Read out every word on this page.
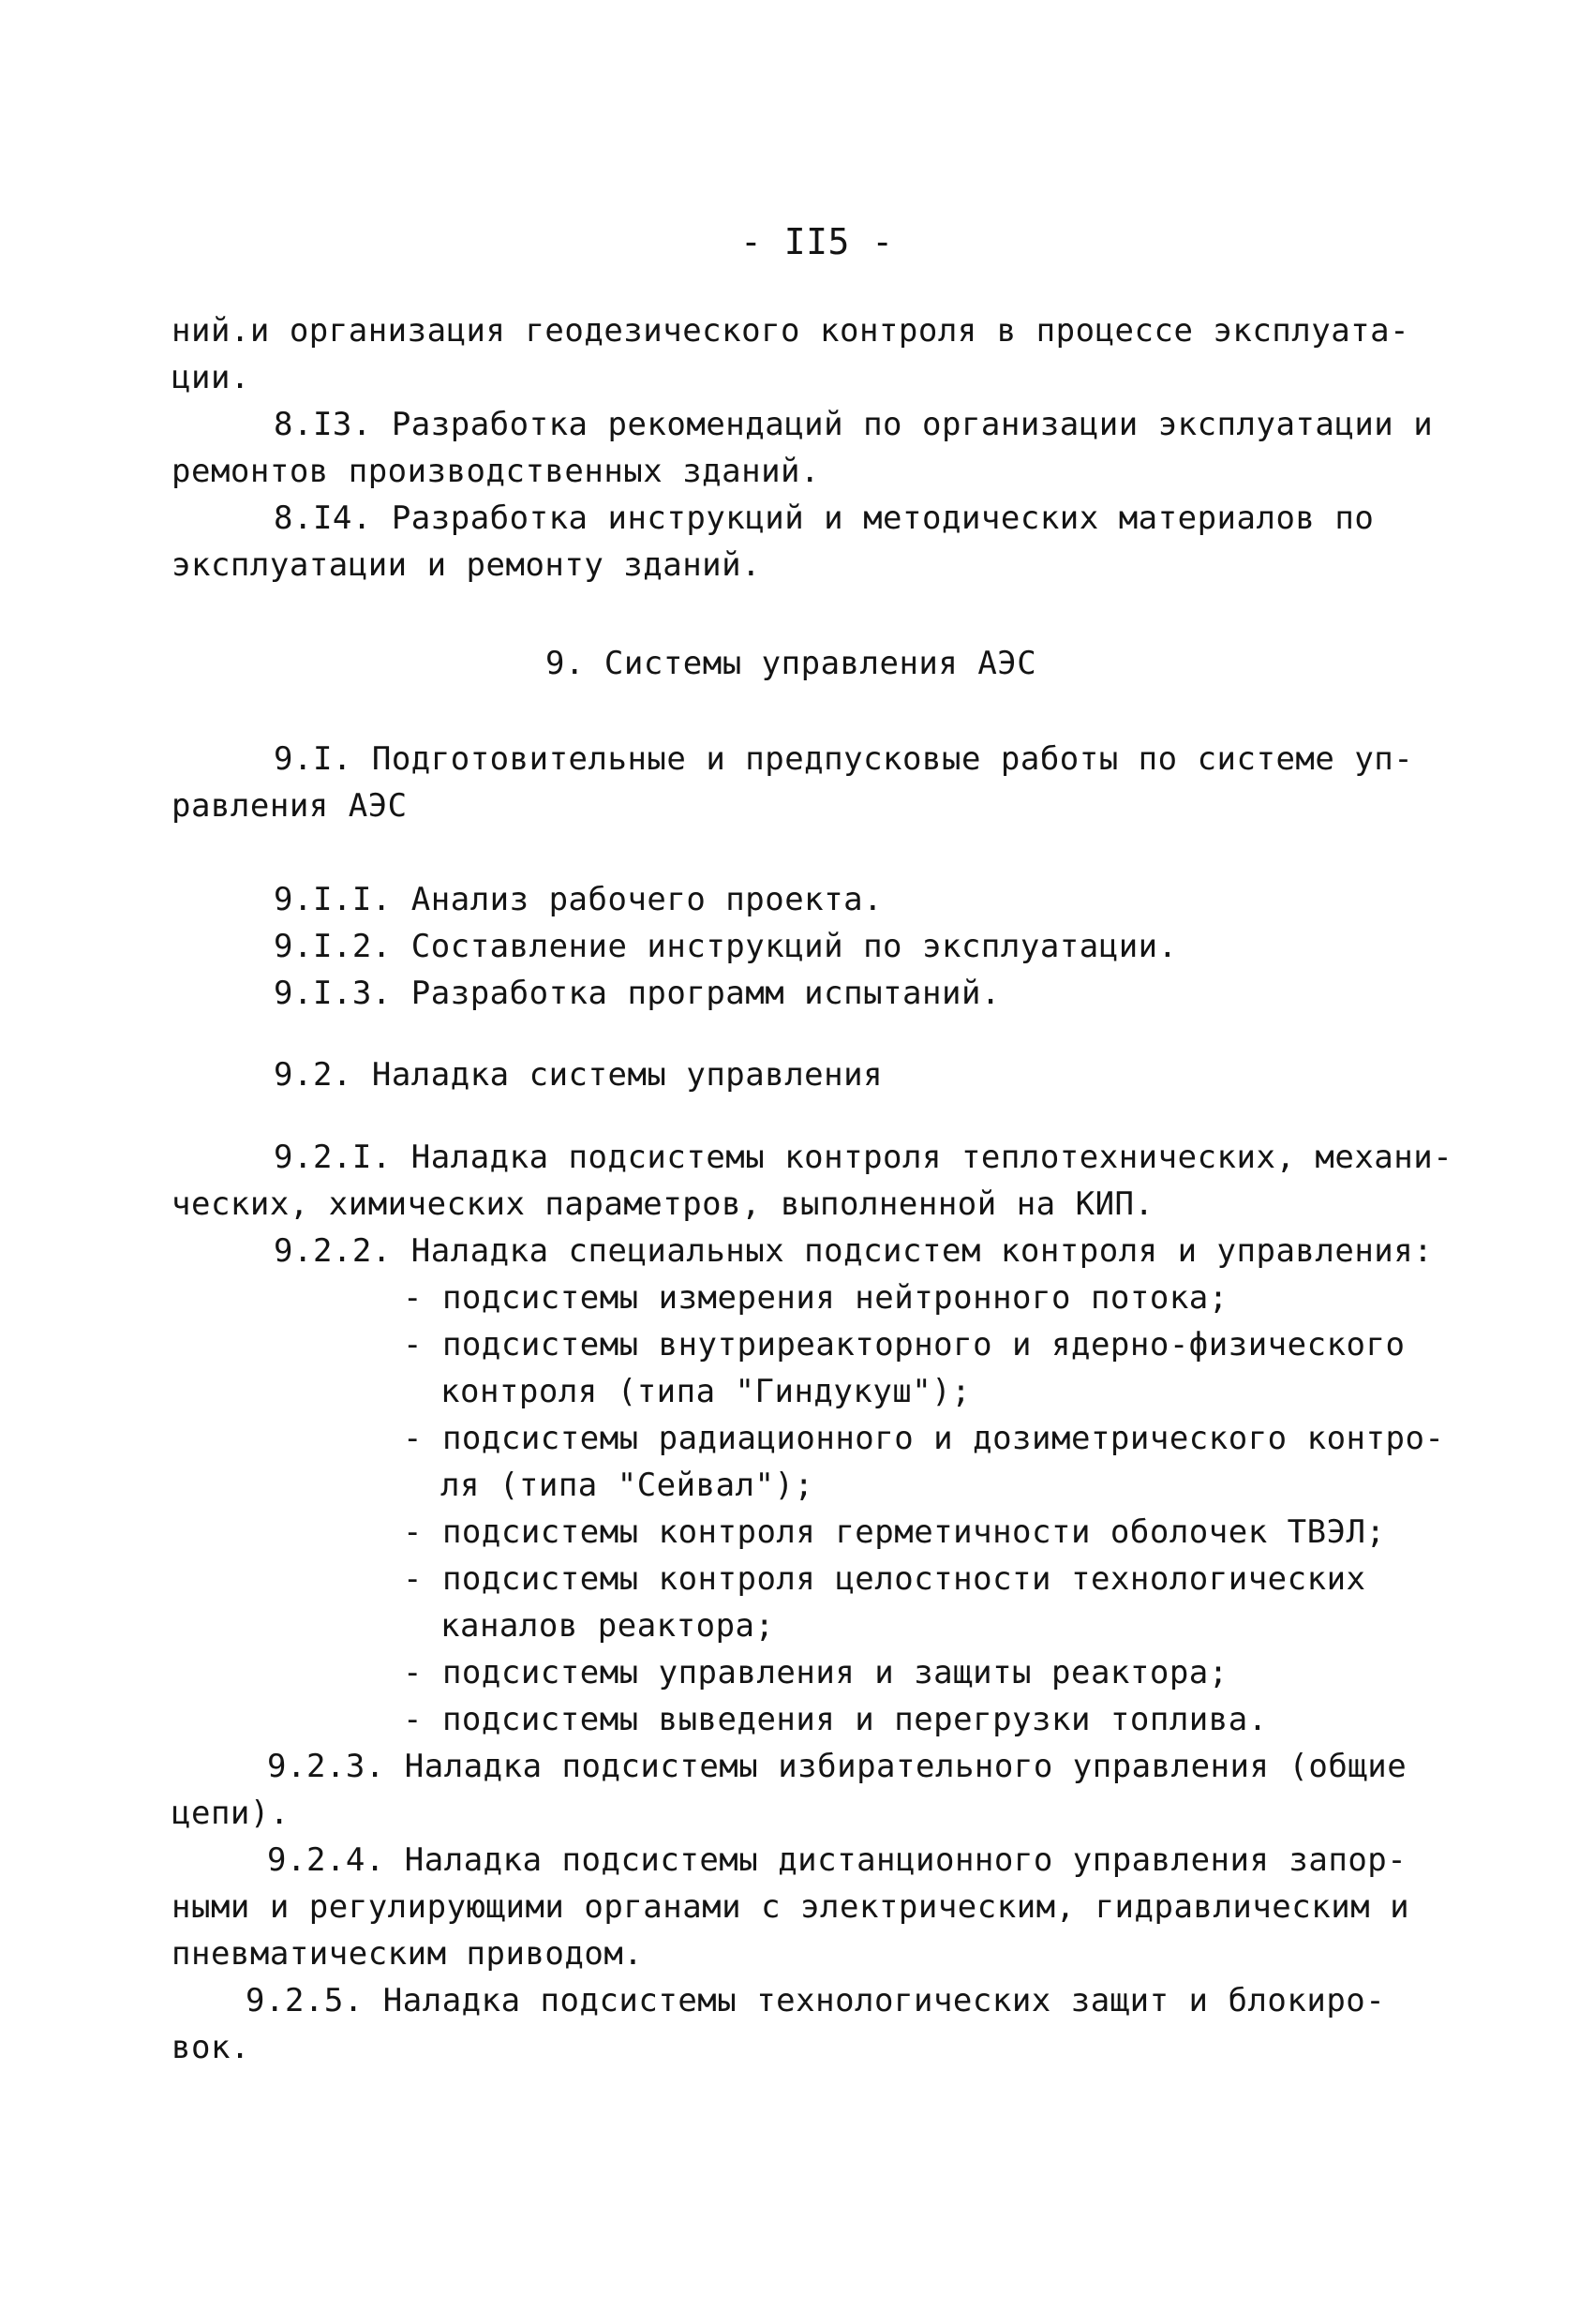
- II5 -
ний.и организация геодезического контроля в процессе эксплуата-
ции.
8.I3. Разработка рекомендаций по организации эксплуатации и
ремонтов производственных зданий.
8.I4. Разработка инструкций и методических материалов по
эксплуатации и ремонту зданий.
9. Системы управления АЭС
9.I. Подготовительные и предпусковые работы по системе уп-
равления АЭС
9.I.I. Анализ рабочего проекта.
9.I.2. Составление инструкций по эксплуатации.
9.I.3. Разработка программ испытаний.
9.2. Наладка системы управления
9.2.I. Наладка подсистемы контроля теплотехнических, механи-
ческих, химических параметров, выполненной на КИП.
9.2.2. Наладка специальных подсистем контроля и управления:
- подсистемы измерения нейтронного потока;
- подсистемы внутриреакторного и ядерно-физического
контроля (типа "Гиндукуш");
- подсистемы радиационного и дозиметрического контро-
ля (типа "Сейвал");
- подсистемы контроля герметичности оболочек ТВЭЛ;
- подсистемы контроля целостности технологических
каналов реактора;
- подсистемы управления и защиты реактора;
- подсистемы выведения и перегрузки топлива.
9.2.3. Наладка подсистемы избирательного управления (общие
цепи).
9.2.4. Наладка подсистемы дистанционного управления запор-
ными и регулирующими органами с электрическим, гидравлическим и
пневматическим приводом.
9.2.5. Наладка подсистемы технологических защит и блокиро-
вок.
